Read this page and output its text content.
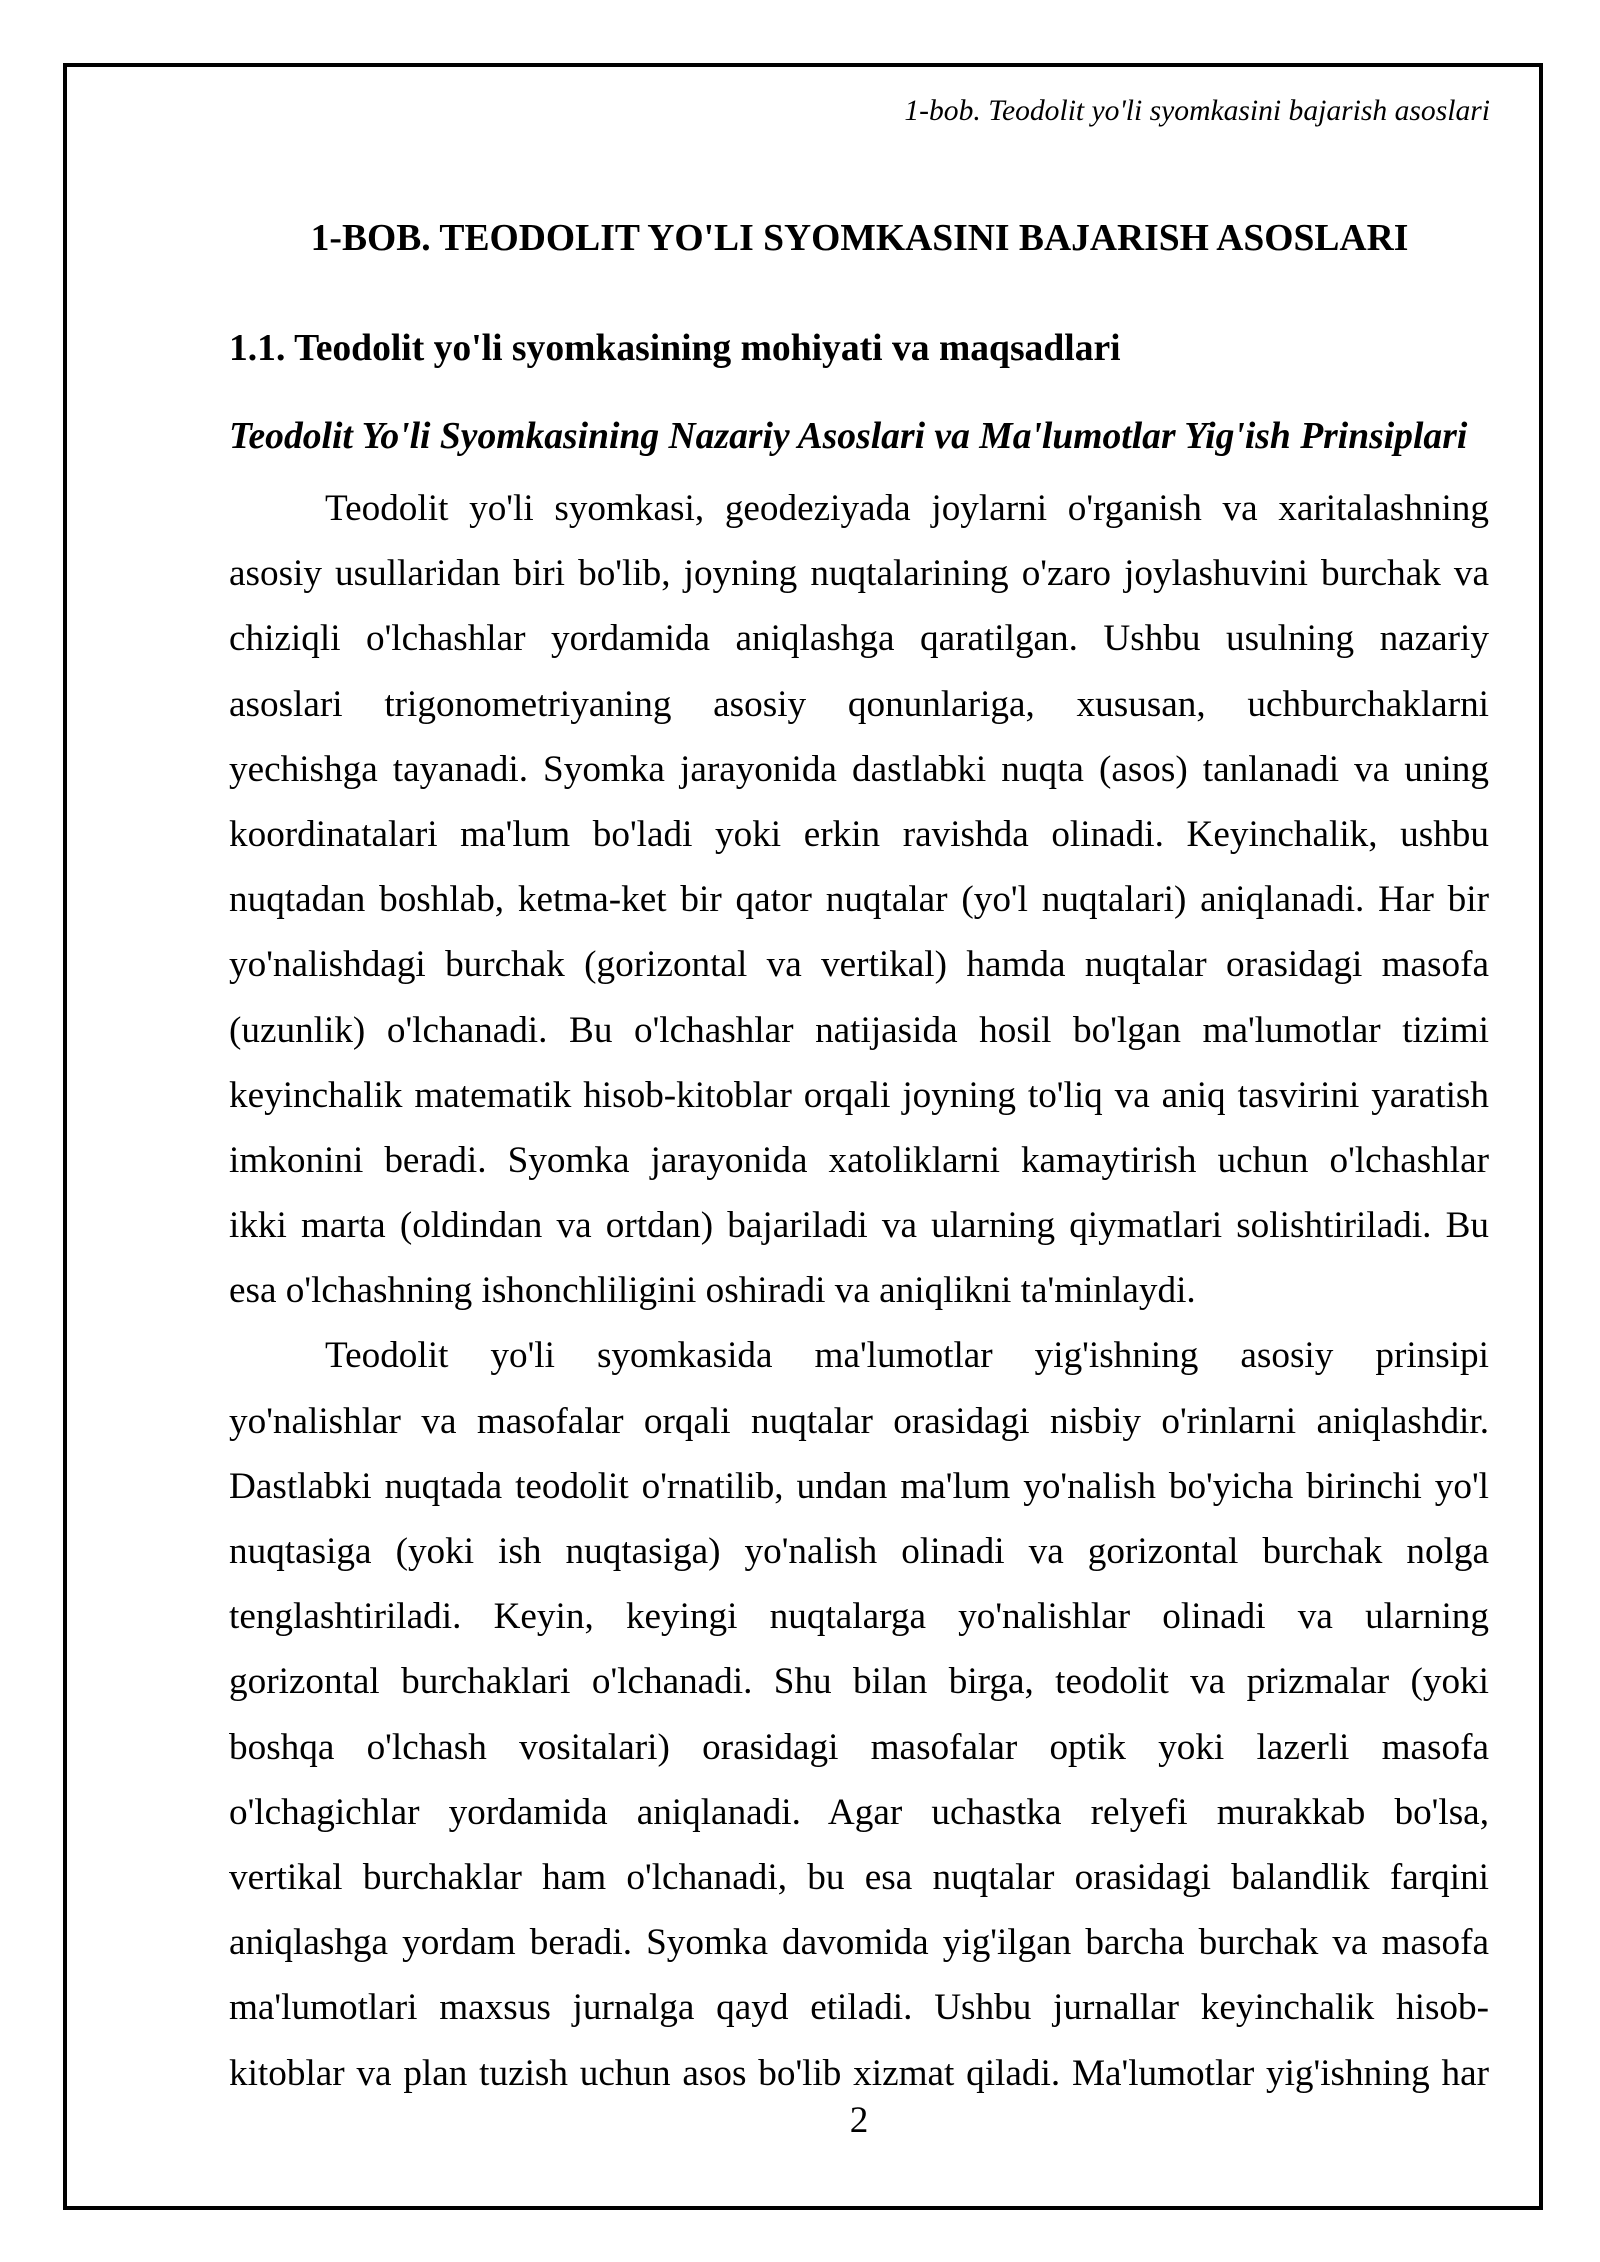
1-bob. Teodolit yo'li syomkasini bajarish asoslari
1-BOB. TEODOLIT YO'LI SYOMKASINI BAJARISH ASOSLARI
1.1. Teodolit yo'li syomkasining mohiyati va maqsadlari
Teodolit Yo'li Syomkasining Nazariy Asoslari va Ma'lumotlar Yig'ish Prinsiplari
Teodolit yo'li syomkasi, geodeziyada joylarni o'rganish va xaritalashning
asosiy usullaridan biri bo'lib, joyning nuqtalarining o'zaro joylashuvini burchak va
chiziqli o'lchashlar yordamida aniqlashga qaratilgan. Ushbu usulning nazariy
asoslari trigonometriyaning asosiy qonunlariga, xususan, uchburchaklarni
yechishga tayanadi. Syomka jarayonida dastlabki nuqta (asos) tanlanadi va uning
koordinatalari ma'lum bo'ladi yoki erkin ravishda olinadi. Keyinchalik, ushbu
nuqtadan boshlab, ketma-ket bir qator nuqtalar (yo'l nuqtalari) aniqlanadi. Har bir
yo'nalishdagi burchak (gorizontal va vertikal) hamda nuqtalar orasidagi masofa
(uzunlik) o'lchanadi. Bu o'lchashlar natijasida hosil bo'lgan ma'lumotlar tizimi
keyinchalik matematik hisob-kitoblar orqali joyning to'liq va aniq tasvirini yaratish
imkonini beradi. Syomka jarayonida xatoliklarni kamaytirish uchun o'lchashlar
ikki marta (oldindan va ortdan) bajariladi va ularning qiymatlari solishtiriladi. Bu
esa o'lchashning ishonchliligini oshiradi va aniqlikni ta'minlaydi.
Teodolit yo'li syomkasida ma'lumotlar yig'ishning asosiy prinsipi
yo'nalishlar va masofalar orqali nuqtalar orasidagi nisbiy o'rinlarni aniqlashdir.
Dastlabki nuqtada teodolit o'rnatilib, undan ma'lum yo'nalish bo'yicha birinchi yo'l
nuqtasiga (yoki ish nuqtasiga) yo'nalish olinadi va gorizontal burchak nolga
tenglashtiriladi. Keyin, keyingi nuqtalarga yo'nalishlar olinadi va ularning
gorizontal burchaklari o'lchanadi. Shu bilan birga, teodolit va prizmalar (yoki
boshqa o'lchash vositalari) orasidagi masofalar optik yoki lazerli masofa
o'lchagichlar yordamida aniqlanadi. Agar uchastka relyefi murakkab bo'lsa,
vertikal burchaklar ham o'lchanadi, bu esa nuqtalar orasidagi balandlik farqini
aniqlashga yordam beradi. Syomka davomida yig'ilgan barcha burchak va masofa
ma'lumotlari maxsus jurnalga qayd etiladi. Ushbu jurnallar keyinchalik hisob-
kitoblar va plan tuzish uchun asos bo'lib xizmat qiladi. Ma'lumotlar yig'ishning har
2
